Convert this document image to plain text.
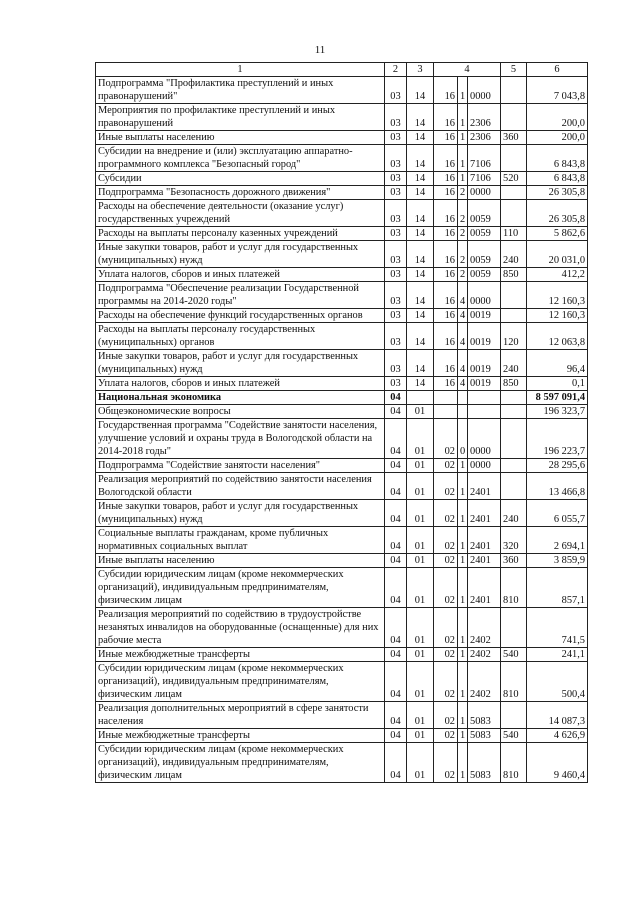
11
1	2	3	4			5	6
Подпрограмма "Профилактика преступлений и иных правонарушений"	03	14	16	1	0000		7 043,8
Мероприятия по профилактике преступлений и иных правонарушений	03	14	16	1	2306		200,0
Иные выплаты населению	03	14	16	1	2306	360	200,0
Субсидии на внедрение и (или) эксплуатацию аппаратно-программного комплекса "Безопасный город"	03	14	16	1	7106		6 843,8
Субсидии	03	14	16	1	7106	520	6 843,8
Подпрограмма "Безопасность дорожного движения"	03	14	16	2	0000		26 305,8
Расходы на обеспечение деятельности (оказание услуг) государственных учреждений	03	14	16	2	0059		26 305,8
Расходы на выплаты персоналу казенных учреждений	03	14	16	2	0059	110	5 862,6
Иные закупки товаров, работ и услуг для государственных (муниципальных) нужд	03	14	16	2	0059	240	20 031,0
Уплата налогов, сборов и иных платежей	03	14	16	2	0059	850	412,2
Подпрограмма "Обеспечение реализации Государственной программы на 2014-2020 годы"	03	14	16	4	0000		12 160,3
Расходы на обеспечение функций государственных органов	03	14	16	4	0019		12 160,3
Расходы на выплаты персоналу государственных (муниципальных) органов	03	14	16	4	0019	120	12 063,8
Иные закупки товаров, работ и услуг для государственных (муниципальных) нужд	03	14	16	4	0019	240	96,4
Уплата налогов, сборов и иных платежей	03	14	16	4	0019	850	0,1
Национальная экономика	04						8 597 091,4
Общеэкономические вопросы	04	01					196 323,7
Государственная программа "Содействие занятости населения, улучшение условий и охраны труда в Вологодской области на 2014-2018 годы"	04	01	02	0	0000		196 223,7
Подпрограмма "Содействие занятости населения"	04	01	02	1	0000		28 295,6
Реализация мероприятий по содействию занятости населения Вологодской области	04	01	02	1	2401		13 466,8
Иные закупки товаров, работ и услуг для государственных (муниципальных) нужд	04	01	02	1	2401	240	6 055,7
Социальные выплаты гражданам, кроме публичных нормативных социальных выплат	04	01	02	1	2401	320	2 694,1
Иные выплаты населению	04	01	02	1	2401	360	3 859,9
Субсидии юридическим лицам (кроме некоммерческих организаций), индивидуальным предпринимателям, физическим лицам	04	01	02	1	2401	810	857,1
Реализация мероприятий по содействию в трудоустройстве незанятых инвалидов на оборудованные (оснащенные) для них рабочие места	04	01	02	1	2402		741,5
Иные межбюджетные трансферты	04	01	02	1	2402	540	241,1
Субсидии юридическим лицам (кроме некоммерческих организаций), индивидуальным предпринимателям, физическим лицам	04	01	02	1	2402	810	500,4
Реализация дополнительных мероприятий в сфере занятости населения	04	01	02	1	5083		14 087,3
Иные межбюджетные трансферты	04	01	02	1	5083	540	4 626,9
Субсидии юридическим лицам (кроме некоммерческих организаций), индивидуальным предпринимателям, физическим лицам	04	01	02	1	5083	810	9 460,4
